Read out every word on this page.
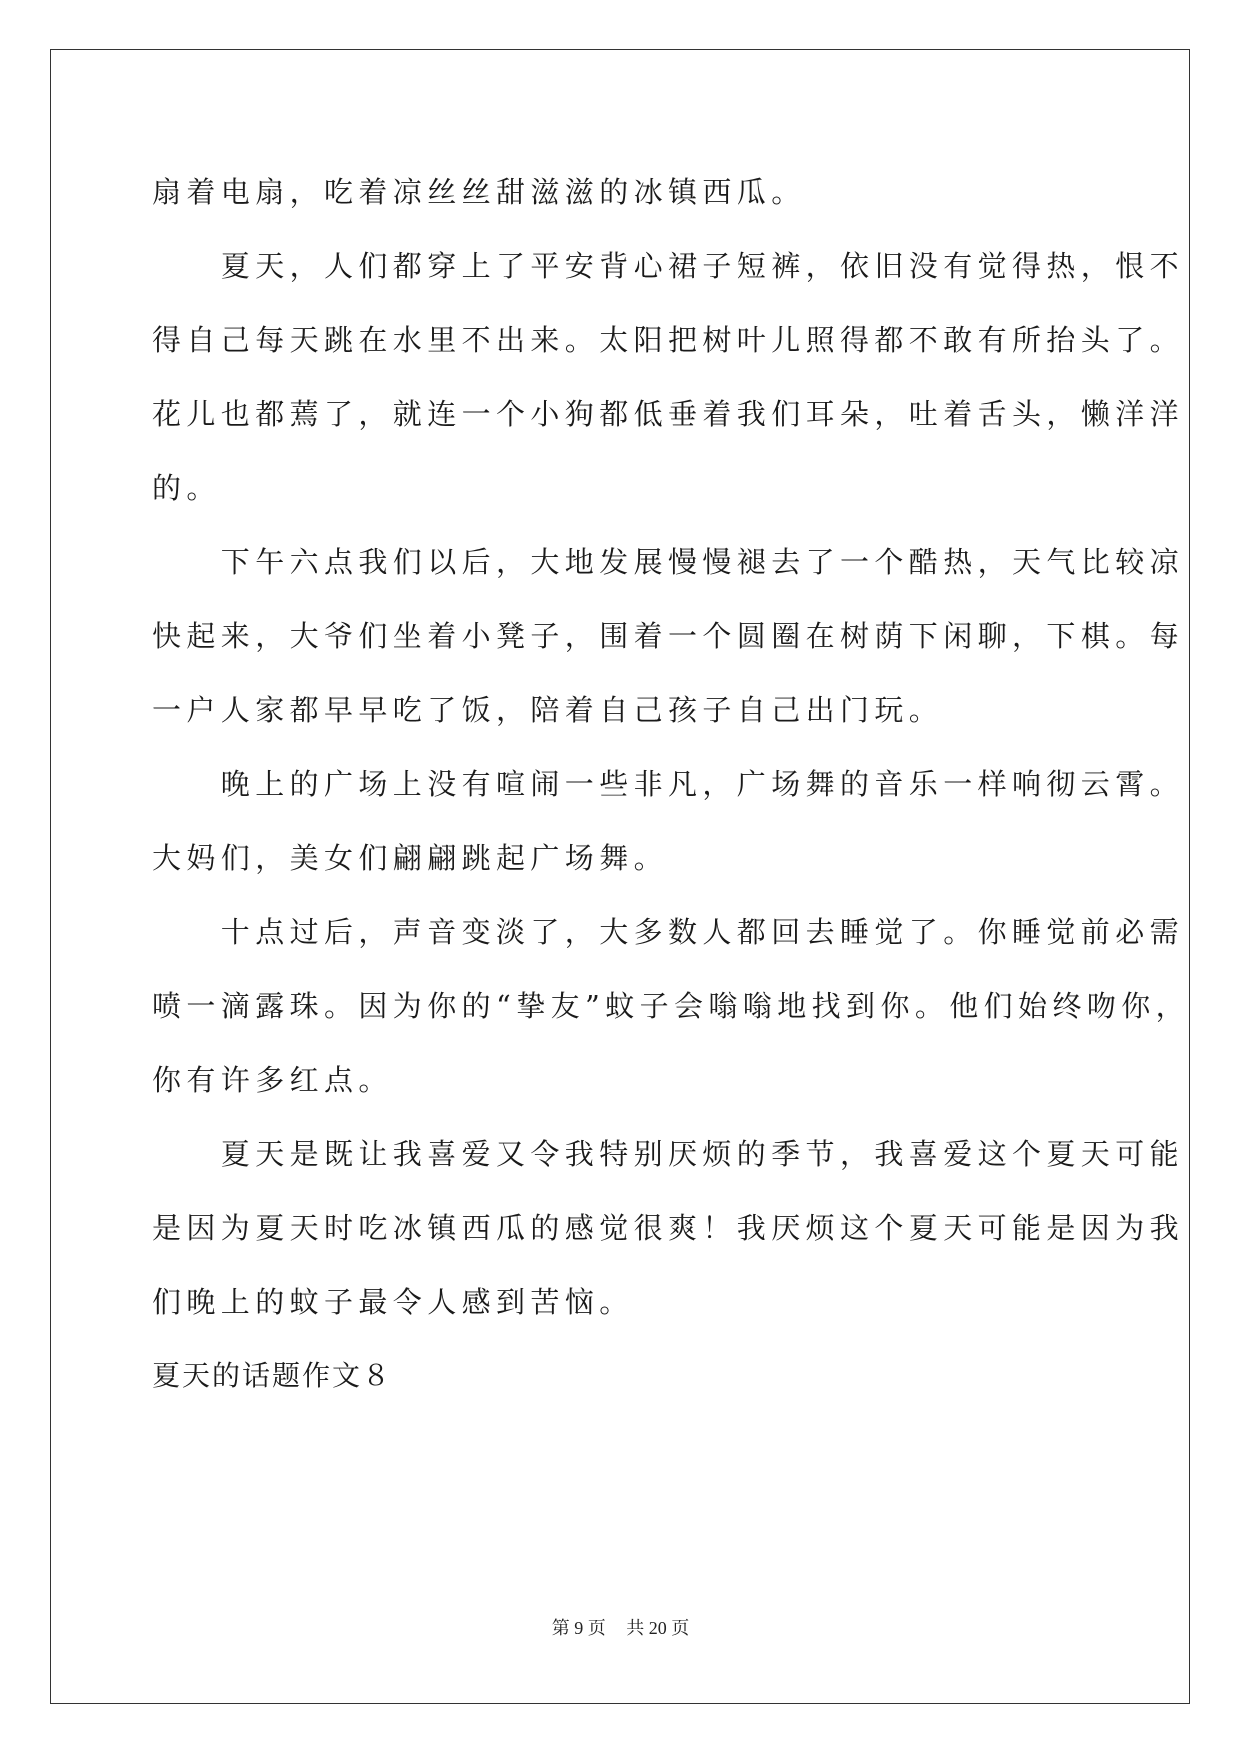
扇着电扇，吃着凉丝丝甜滋滋的冰镇西瓜。
　　夏天，人们都穿上了平安背心裙子短裤，依旧没有觉得热，恨不
得自己每天跳在水里不出来。太阳把树叶儿照得都不敢有所抬头了。
花儿也都蔫了，就连一个小狗都低垂着我们耳朵，吐着舌头，懒洋洋
的。
　　下午六点我们以后，大地发展慢慢褪去了一个酷热，天气比较凉
快起来，大爷们坐着小凳子，围着一个圆圈在树荫下闲聊，下棋。每
一户人家都早早吃了饭，陪着自己孩子自己出门玩。
　　晚上的广场上没有喧闹一些非凡，广场舞的音乐一样响彻云霄。
大妈们，美女们翩翩跳起广场舞。
　　十点过后，声音变淡了，大多数人都回去睡觉了。你睡觉前必需
喷一滴露珠。因为你的“挚友”蚊子会嗡嗡地找到你。他们始终吻你，
你有许多红点。
　　夏天是既让我喜爱又令我特别厌烦的季节，我喜爱这个夏天可能
是因为夏天时吃冰镇西瓜的感觉很爽！我厌烦这个夏天可能是因为我
们晚上的蚊子最令人感到苦恼。
夏天的话题作文８
第 9 页 共 20 页
